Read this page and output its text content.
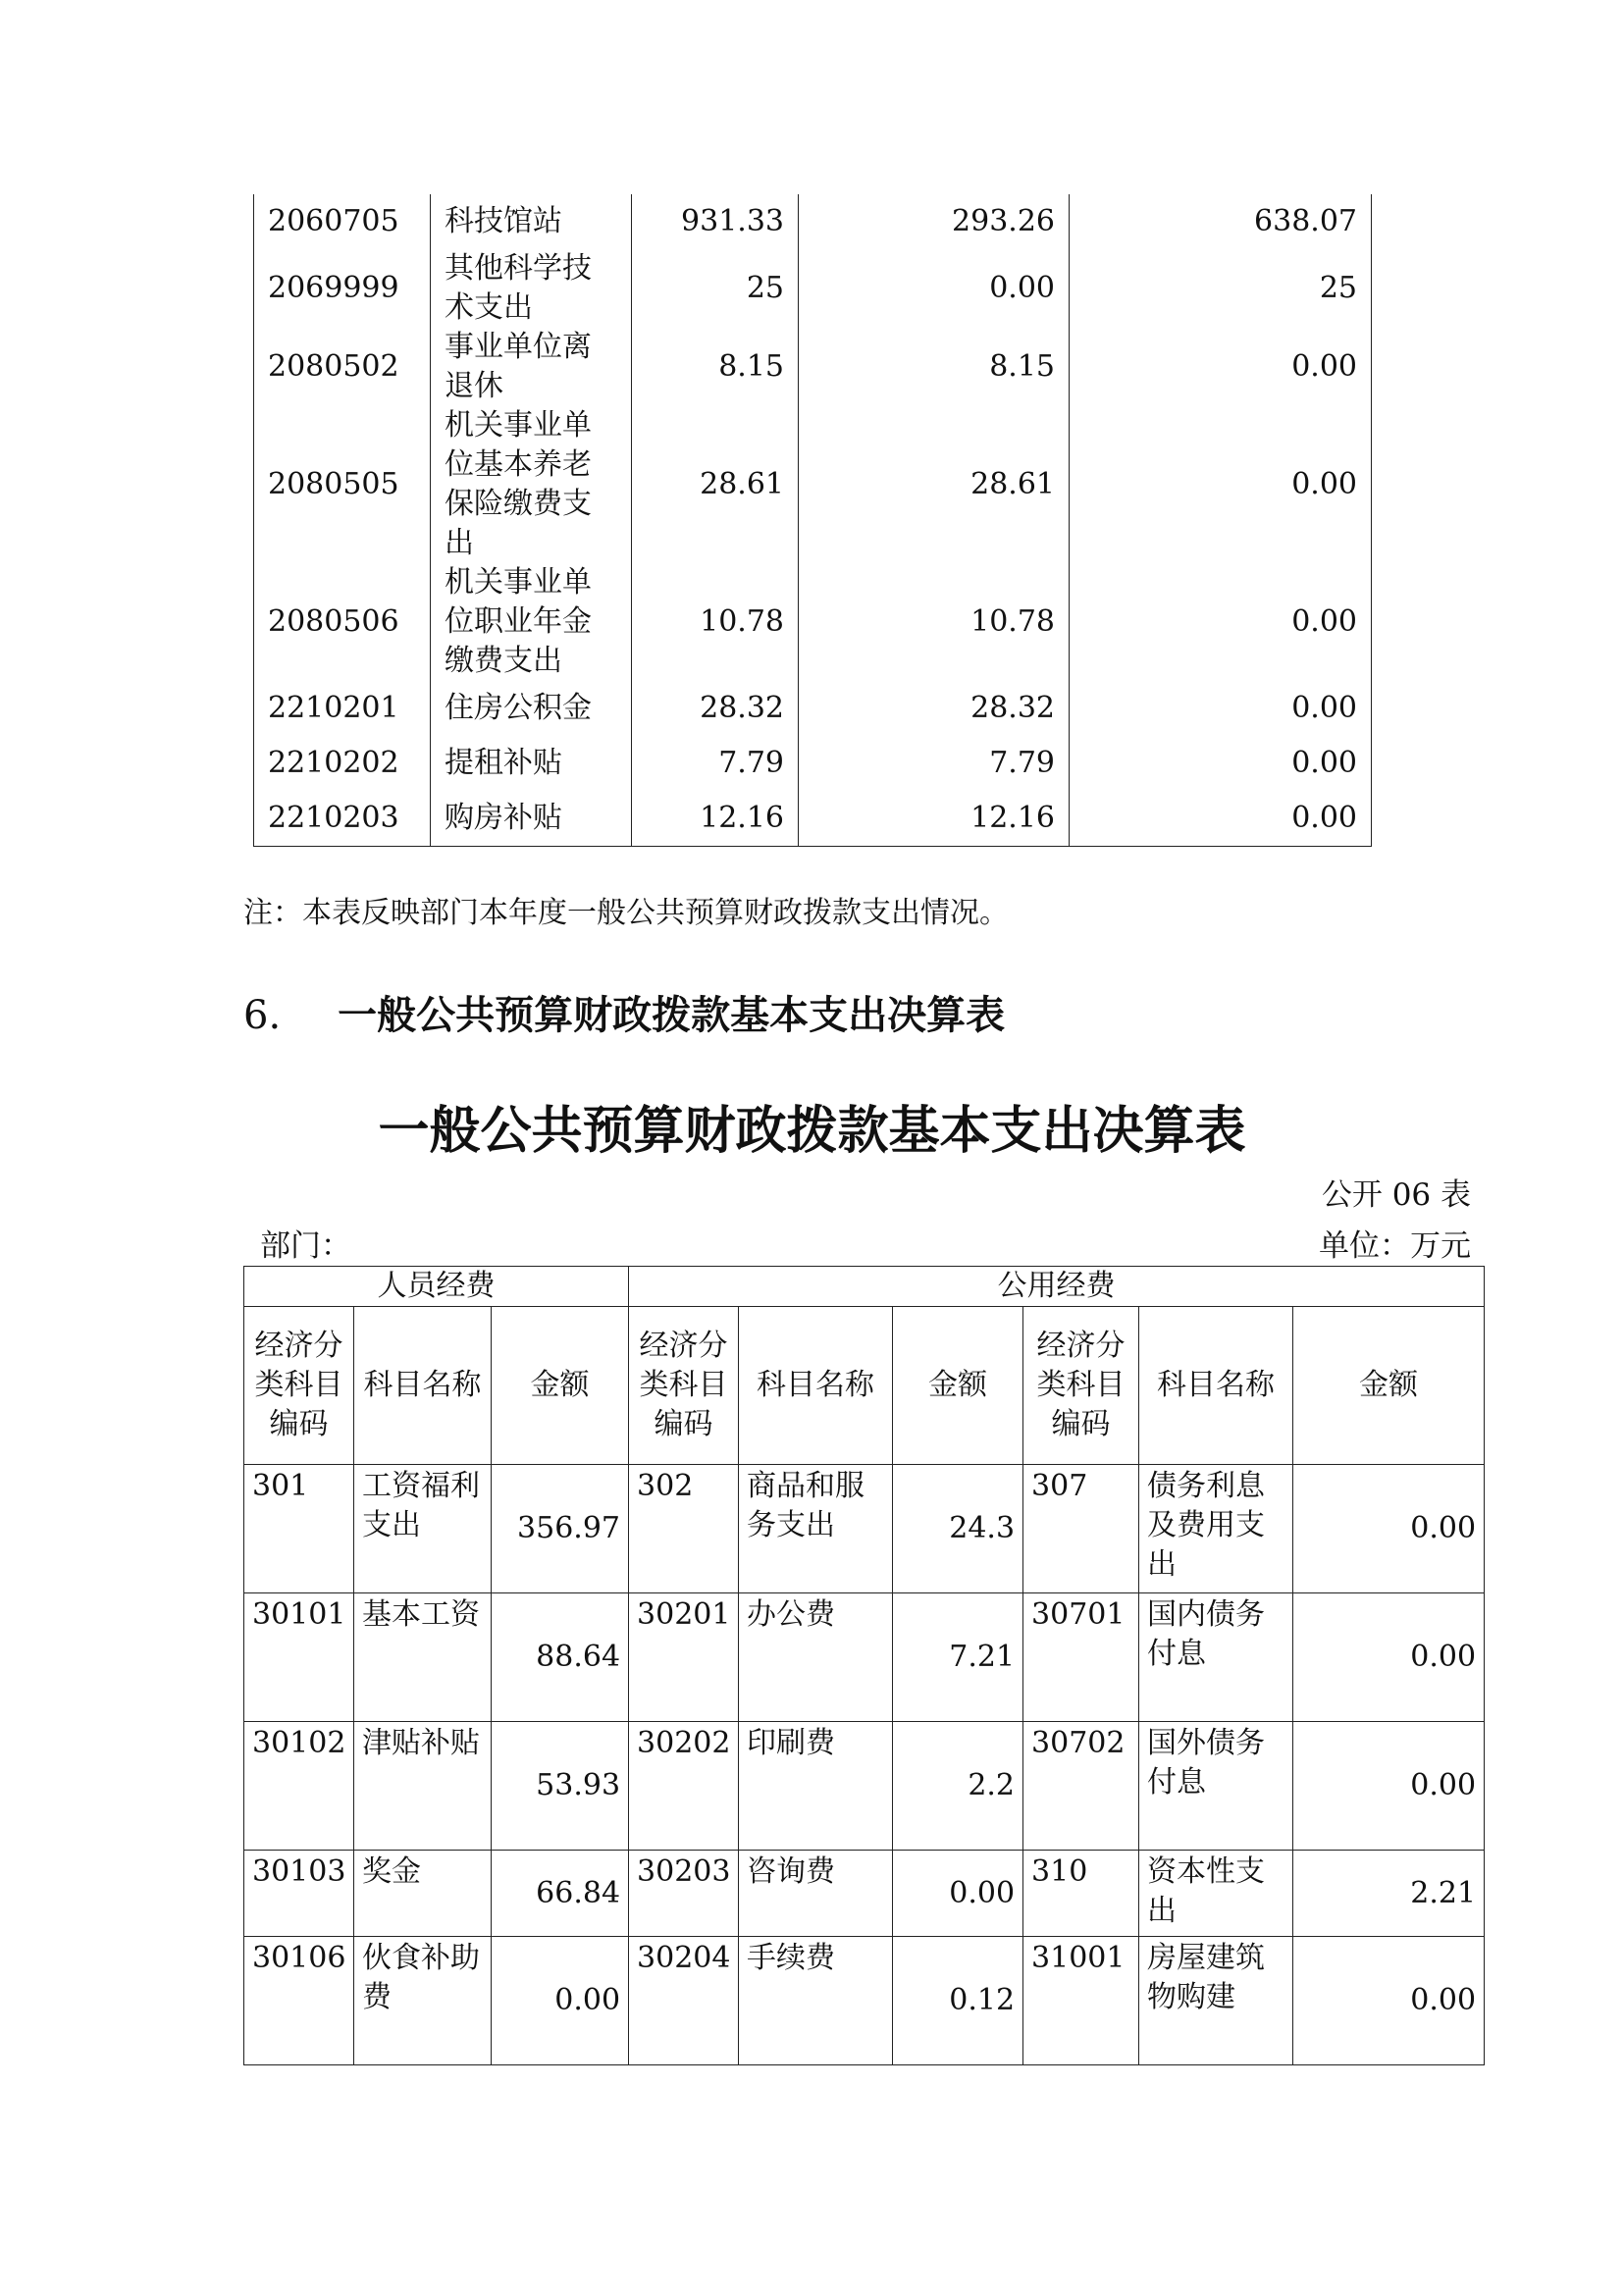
2060705	科技馆站	931.33	293.26	638.07
2069999	其他科学技术支出	25	0.00	25
2080502	事业单位离退休	8.15	8.15	0.00
2080505	机关事业单位基本养老保险缴费支出	28.61	28.61	0.00
2080506	机关事业单位职业年金缴费支出	10.78	10.78	0.00
2210201	住房公积金	28.32	28.32	0.00
2210202	提租补贴	7.79	7.79	0.00
2210203	购房补贴	12.16	12.16	0.00
注：本表反映部门本年度一般公共预算财政拨款支出情况。
6. 一般公共预算财政拨款基本支出决算表
一般公共预算财政拨款基本支出决算表
公开 06 表
部门：	单位：万元
人员经费			公用经费					
经济分类科目编码	科目名称	金额	经济分类科目编码	科目名称	金额	经济分类科目编码	科目名称	金额
301	工资福利支出	356.97	302	商品和服务支出	24.3	307	债务利息及费用支出	0.00
30101	基本工资	88.64	30201	办公费	7.21	30701	国内债务付息	0.00
30102	津贴补贴	53.93	30202	印刷费	2.2	30702	国外债务付息	0.00
30103	奖金	66.84	30203	咨询费	0.00	310	资本性支出	2.21
30106	伙食补助费	0.00	30204	手续费	0.12	31001	房屋建筑物购建	0.00
